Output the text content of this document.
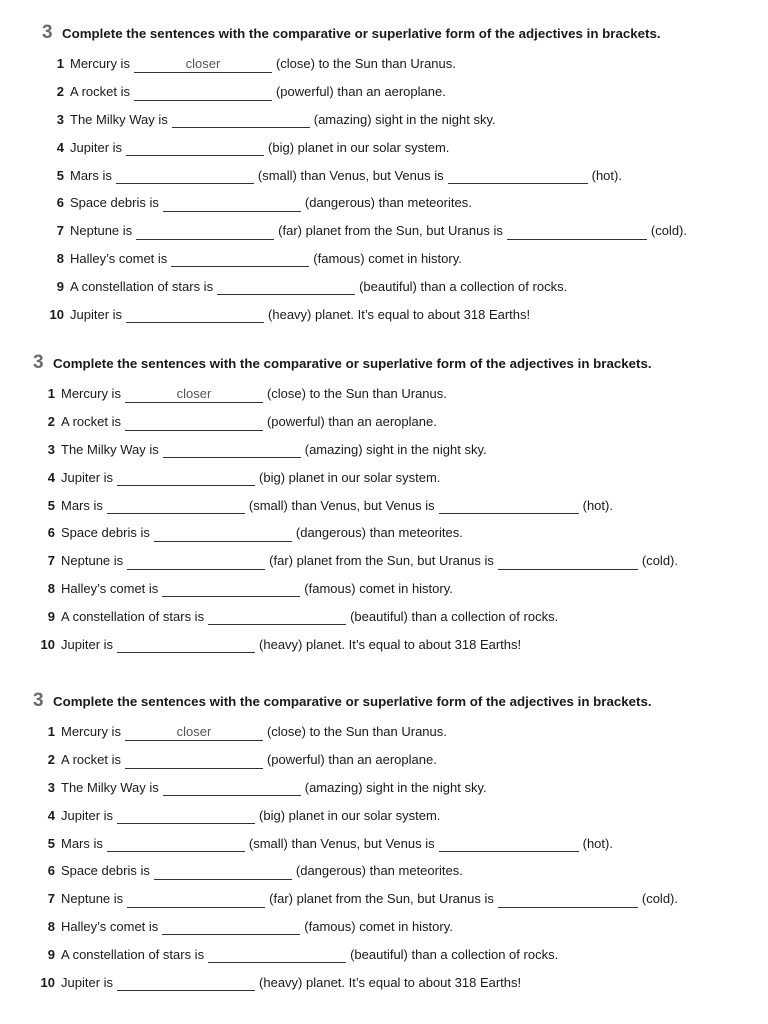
3 Complete the sentences with the comparative or superlative form of the adjectives in brackets.
1 Mercury is	closer	(close) to the Sun than Uranus.
2 A rocket is	(powerful) than an aeroplane.
3 The Milky Way is	(amazing) sight in the night sky.
4 Jupiter is	(big) planet in our solar system.
5 Mars is	(small) than Venus, but Venus is	(hot).
6 Space debris is	(dangerous) than meteorites.
7 Neptune is	(far) planet from the Sun, but Uranus is	(cold).
8 Halley’s comet is	(famous) comet in history.
9 A constellation of stars is	(beautiful) than a collection of rocks.
10 Jupiter is	(heavy) planet. It’s equal to about 318 Earths!
3 Complete the sentences with the comparative or superlative form of the adjectives in brackets.
1 Mercury is	closer	(close) to the Sun than Uranus.
2 A rocket is	(powerful) than an aeroplane.
3 The Milky Way is	(amazing) sight in the night sky.
4 Jupiter is	(big) planet in our solar system.
5 Mars is	(small) than Venus, but Venus is	(hot).
6 Space debris is	(dangerous) than meteorites.
7 Neptune is	(far) planet from the Sun, but Uranus is	(cold).
8 Halley’s comet is	(famous) comet in history.
9 A constellation of stars is	(beautiful) than a collection of rocks.
10 Jupiter is	(heavy) planet. It’s equal to about 318 Earths!
3 Complete the sentences with the comparative or superlative form of the adjectives in brackets.
1 Mercury is	closer	(close) to the Sun than Uranus.
2 A rocket is	(powerful) than an aeroplane.
3 The Milky Way is	(amazing) sight in the night sky.
4 Jupiter is	(big) planet in our solar system.
5 Mars is	(small) than Venus, but Venus is	(hot).
6 Space debris is	(dangerous) than meteorites.
7 Neptune is	(far) planet from the Sun, but Uranus is	(cold).
8 Halley’s comet is	(famous) comet in history.
9 A constellation of stars is	(beautiful) than a collection of rocks.
10 Jupiter is	(heavy) planet. It’s equal to about 318 Earths!
